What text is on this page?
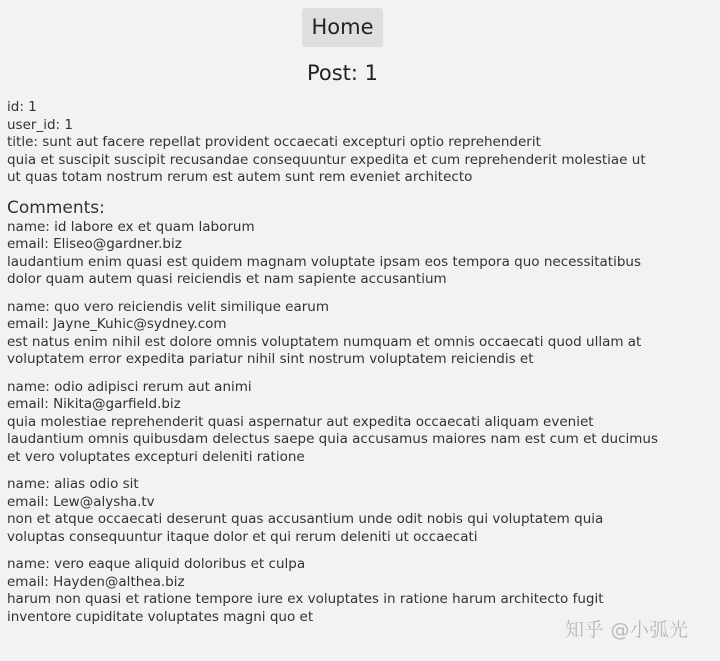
Home
Post: 1
id: 1
user_id: 1
title: sunt aut facere repellat provident occaecati excepturi optio reprehenderit
quia et suscipit suscipit recusandae consequuntur expedita et cum reprehenderit molestiae ut
ut quas totam nostrum rerum est autem sunt rem eveniet architecto
Comments:
name: id labore ex et quam laborum
email: Eliseo@gardner.biz
laudantium enim quasi est quidem magnam voluptate ipsam eos tempora quo necessitatibus
dolor quam autem quasi reiciendis et nam sapiente accusantium
name: quo vero reiciendis velit similique earum
email: Jayne_Kuhic@sydney.com
est natus enim nihil est dolore omnis voluptatem numquam et omnis occaecati quod ullam at
voluptatem error expedita pariatur nihil sint nostrum voluptatem reiciendis et
name: odio adipisci rerum aut animi
email: Nikita@garfield.biz
quia molestiae reprehenderit quasi aspernatur aut expedita occaecati aliquam eveniet
laudantium omnis quibusdam delectus saepe quia accusamus maiores nam est cum et ducimus
et vero voluptates excepturi deleniti ratione
name: alias odio sit
email: Lew@alysha.tv
non et atque occaecati deserunt quas accusantium unde odit nobis qui voluptatem quia
voluptas consequuntur itaque dolor et qui rerum deleniti ut occaecati
name: vero eaque aliquid doloribus et culpa
email: Hayden@althea.biz
harum non quasi et ratione tempore iure ex voluptates in ratione harum architecto fugit
inventore cupiditate voluptates magni quo et
知乎 @小弧光
